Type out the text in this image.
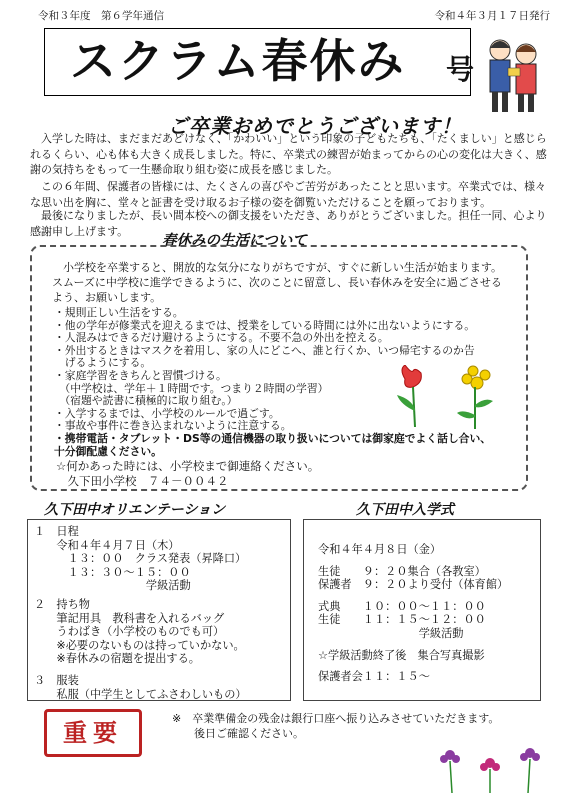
令和３年度　第６学年通信	令和４年３月１７日発行
スクラム春休み 号
ご卒業おめでとうございます！
　入学した時は、まだまだあどけなく、「かわいい」という印象の子どもたちも、「たくましい」と感じられるくらい、心も体も大きく成長しました。特に、卒業式の練習が始まってからの心の変化は大きく、感謝の気持ちをもって一生懸命取り組む姿に成長を感じました。
　この６年間、保護者の皆様には、たくさんの喜びやご苦労があったことと思います。卒業式では、様々な思い出を胸に、堂々と証書を受け取るお子様の姿を御覧いただけることを願っております。
　最後になりましたが、長い間本校への御支援をいただき、ありがとうございました。担任一同、心より感謝申し上げます。
春休みの生活について
　小学校を卒業すると、開放的な気分になりがちですが、すぐに新しい生活が始まります。スムーズに中学校に進学できるように、次のことに留意し、長い春休みを安全に過ごさせるよう、お願いします。
・規則正しい生活をする。
・他の学年が修業式を迎えるまでは、授業をしている時間には外に出ないようにする。
・人混みはできるだけ避けるようにする。不要不急の外出を控える。
・外出するときはマスクを着用し、家の人にどこへ、誰と行くか、いつ帰宅するのか告
　げるようにする。
・家庭学習をきちんと習慣づける。
　（中学校は、学年＋１時間です。つまり２時間の学習）
　（宿題や読書に積極的に取り組む。）
・入学するまでは、小学校のルールで過ごす。
・事故や事件に巻き込まれないように注意する。
・携帯電話・タブレット・DS等の通信機器の取り扱いについては御家庭でよく話し合い、十分御配慮ください。
☆何かあった時には、小学校まで御連絡ください。
　久下田小学校　７４－００４２
久下田中オリエンテーション	久下田中入学式
１　日程
　　令和４年４月７日（木）
　　　１３：００　クラス発表（昇降口）
　　　１３：３０～１５：００
　　　　　　　　　　学級活動
２　持ち物
　　筆記用具　教科書を入れるバッグ
　　うわばき（小学校のものでも可）
　　※必要のないものは持っていかない。
　　※春休みの宿題を提出する。
３　服装
　　私服（中学生としてふさわしいもの）
令和４年４月８日（金）
生徒　　９：２０集合（各教室）
保護者　９：２０より受付（体育館）
式典　　１０：００～１１：００
生徒　　１１：１５～１２：００
　　　　　　　　　学級活動
☆学級活動終了後　集合写真撮影
保護者会１１：１５～
重要
※　卒業準備金の残金は銀行口座へ振り込みさせていただきます。
　　後日ご確認ください。
